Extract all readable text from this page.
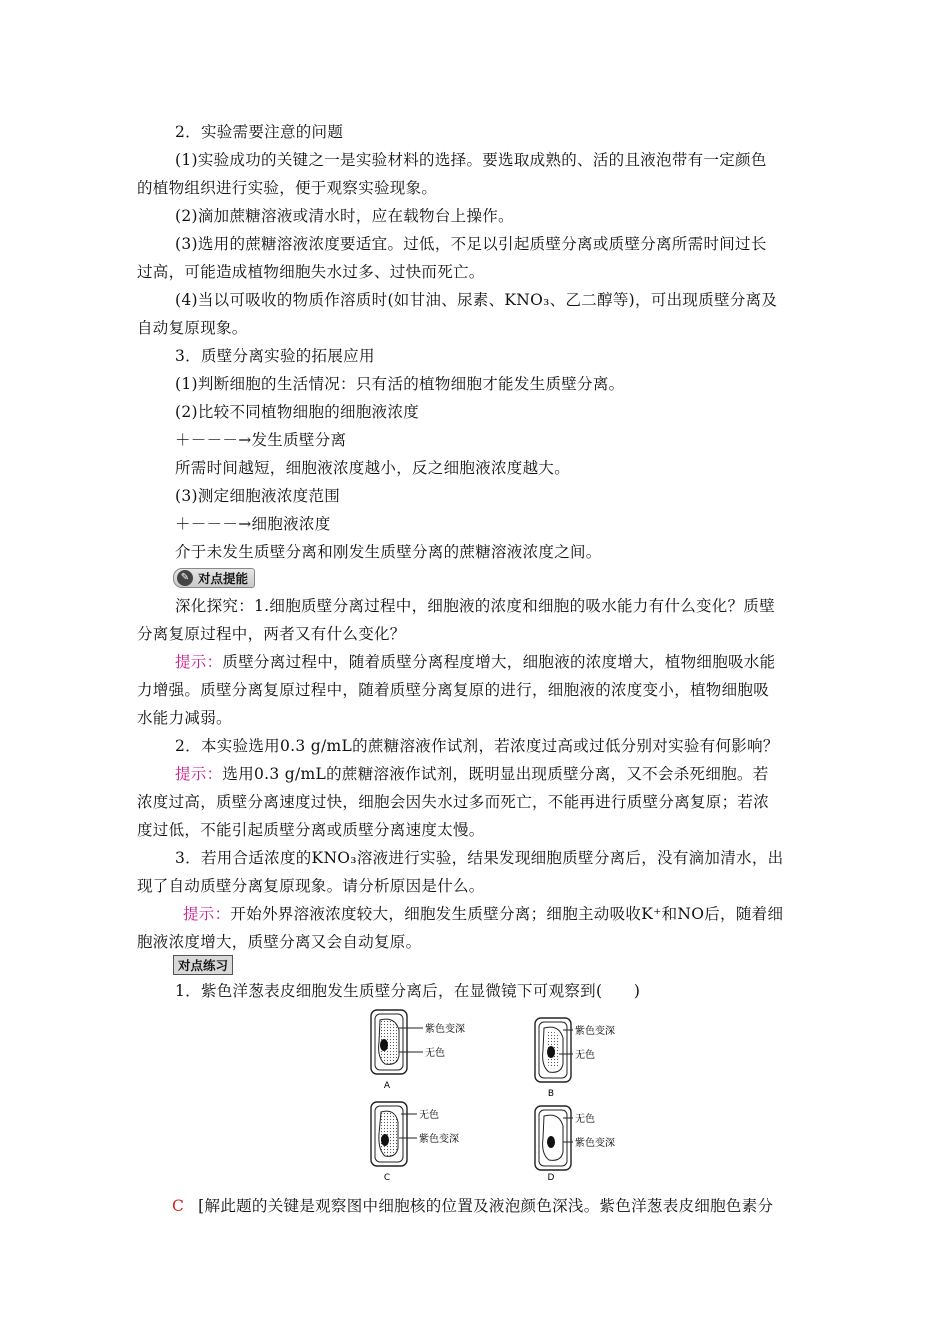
2．实验需要注意的问题
(1)实验成功的关键之一是实验材料的选择。要选取成熟的、活的且液泡带有一定颜色
的植物组织进行实验，便于观察实验现象。
(2)滴加蔗糖溶液或清水时，应在载物台上操作。
(3)选用的蔗糖溶液浓度要适宜。过低，不足以引起质壁分离或质壁分离所需时间过长
过高，可能造成植物细胞失水过多、过快而死亡。
(4)当以可吸收的物质作溶质时(如甘油、尿素、KNO₃、乙二醇等)，可出现质壁分离及
自动复原现象。
3．质壁分离实验的拓展应用
(1)判断细胞的生活情况：只有活的植物细胞才能发生质壁分离。
(2)比较不同植物细胞的细胞液浓度
＋－－－→发生质壁分离
所需时间越短，细胞液浓度越小，反之细胞液浓度越大。
(3)测定细胞液浓度范围
＋－－－→细胞液浓度
介于未发生质壁分离和刚发生质壁分离的蔗糖溶液浓度之间。
✎ 对点提能
深化探究：1.细胞质壁分离过程中，细胞液的浓度和细胞的吸水能力有什么变化？质壁
分离复原过程中，两者又有什么变化？
提示：质壁分离过程中，随着质壁分离程度增大，细胞液的浓度增大，植物细胞吸水能
力增强。质壁分离复原过程中，随着质壁分离复原的进行，细胞液的浓度变小，植物细胞吸
水能力减弱。
2．本实验选用0.3 g/mL的蔗糖溶液作试剂，若浓度过高或过低分别对实验有何影响？
提示：选用0.3 g/mL的蔗糖溶液作试剂，既明显出现质壁分离，又不会杀死细胞。若
浓度过高，质壁分离速度过快，细胞会因失水过多而死亡，不能再进行质壁分离复原；若浓
度过低，不能引起质壁分离或质壁分离速度太慢。
3．若用合适浓度的KNO₃溶液进行实验，结果发现细胞质壁分离后，没有滴加清水，出
现了自动质壁分离复原现象。请分析原因是什么。
提示：开始外界溶液浓度较大，细胞发生质壁分离；细胞主动吸收K⁺和NO后，随着细
胞液浓度增大，质壁分离又会自动复原。
对点练习
1．紫色洋葱表皮细胞发生质壁分离后，在显微镜下可观察到(　　)
紫色变深
无色
A
紫色变深
无色
B
无色
紫色变深
C
无色
紫色变深
D
C [解此题的关键是观察图中细胞核的位置及液泡颜色深浅。紫色洋葱表皮细胞色素分
